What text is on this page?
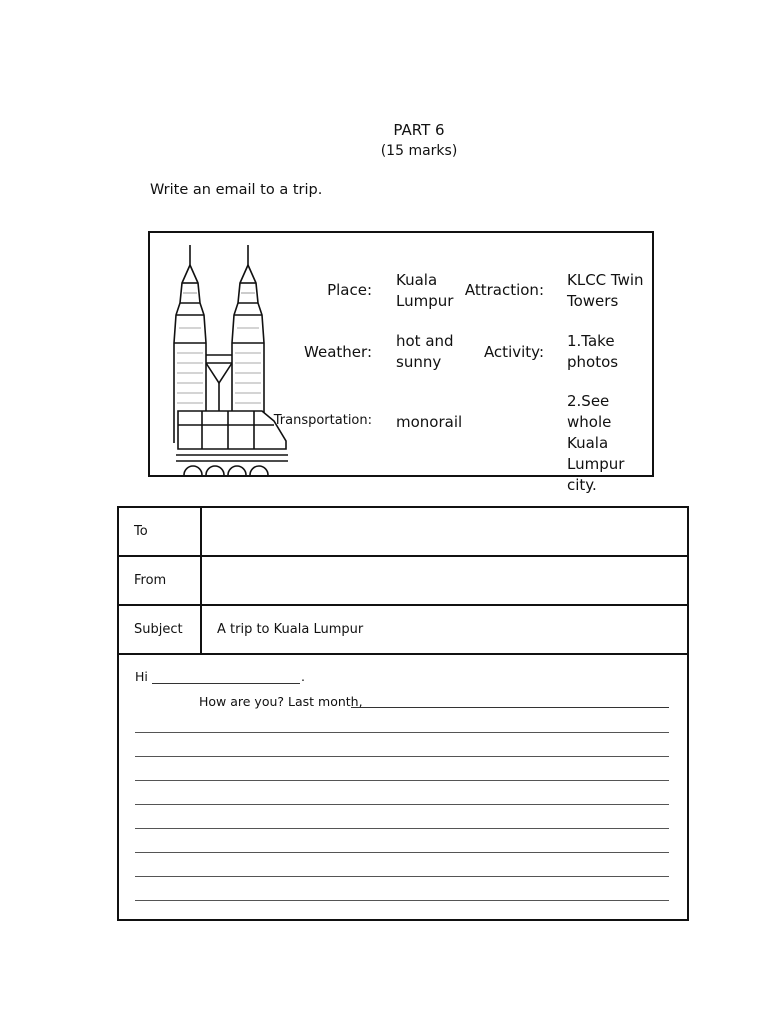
PART 6
(15 marks)
Write an email to a trip.
Place:
Kuala
Lumpur
Attraction:
KLCC Twin
Towers
Weather:
hot and
sunny
Activity:
1.Take
photos
Transportation: monorail
2.See whole
Kuala
Lumpur city.
To
From
Subject	A trip to Kuala Lumpur
Hi	.
How are you? Last month,
